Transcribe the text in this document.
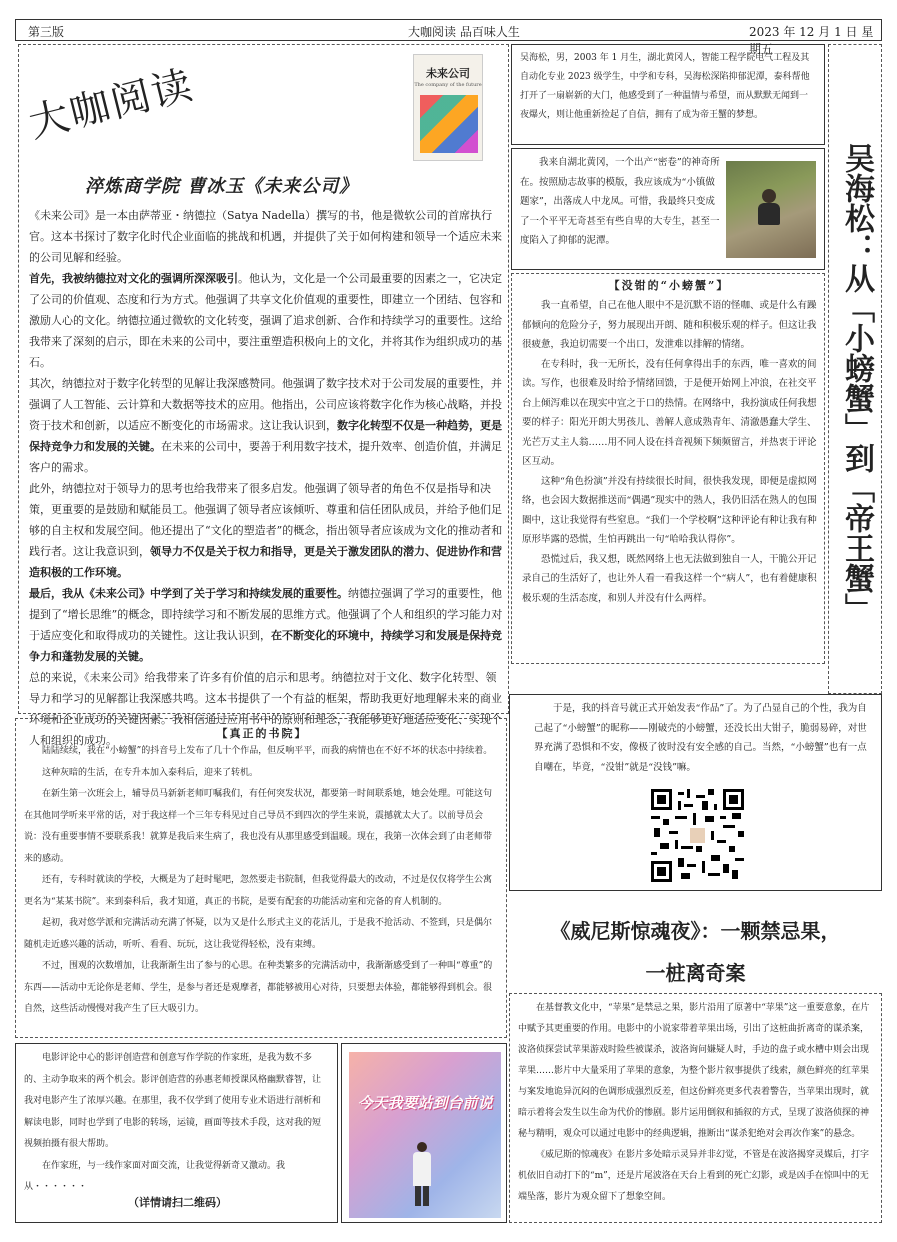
第三版	大咖阅读 品百味人生	2023 年 12 月 1 日 星期五
大咖阅读	未来公司
The company of the future
淬炼商学院 曹冰玉《未来公司》

《未来公司》是一本由萨蒂亚・纳德拉（Satya Nadella）撰写的书，他是微软公司的首席执行官。这本书探讨了数字化时代企业面临的挑战和机遇，并提供了关于如何构建和领导一个适应未来的公司见解和经验。

首先，我被纳德拉对文化的强调所深深吸引。他认为，文化是一个公司最重要的因素之一，它决定了公司的价值观、态度和行为方式。他强调了共享文化价值观的重要性，即建立一个团结、包容和激励人心的文化。纳德拉通过微软的文化转变，强调了追求创新、合作和持续学习的重要性。这给我带来了深刻的启示，即在未来的公司中，要注重塑造积极向上的文化，并将其作为组织成功的基石。

其次，纳德拉对于数字化转型的见解让我深感赞同。他强调了数字技术对于公司发展的重要性，并强调了人工智能、云计算和大数据等技术的应用。他指出，公司应该将数字化作为核心战略，并投资于技术和创新，以适应不断变化的市场需求。这让我认识到，数字化转型不仅是一种趋势，更是保持竞争力和发展的关键。在未来的公司中，要善于利用数字技术，提升效率、创造价值，并满足客户的需求。

此外，纳德拉对于领导力的思考也给我带来了很多启发。他强调了领导者的角色不仅是指导和决策，更重要的是鼓励和赋能员工。他强调了领导者应该倾听、尊重和信任团队成员，并给予他们足够的自主权和发展空间。他还提出了“文化的塑造者”的概念，指出领导者应该成为文化的推动者和践行者。这让我意识到，领导力不仅是关于权力和指导，更是关于激发团队的潜力、促进协作和营造积极的工作环境。

最后，我从《未来公司》中学到了关于学习和持续发展的重要性。纳德拉强调了学习的重要性，他提到了“增长思维”的概念，即持续学习和不断发展的思维方式。他强调了个人和组织的学习能力对于适应变化和取得成功的关键性。这让我认识到，在不断变化的环境中，持续学习和发展是保持竞争力和蓬勃发展的关键。

总的来说，《未来公司》给我带来了许多有价值的启示和思考。纳德拉对于文化、数字化转型、领导力和学习的见解都让我深感共鸣。这本书提供了一个有益的框架，帮助我更好地理解未来的商业环境和企业成功的关键因素。我相信通过应用书中的原则和理念，我能够更好地适应变化、实现个人和组织的成功。

吴海松，男，2003 年 1 月生，湖北黄冈人，智能工程学院电气工程及其自动化专业 2023 级学生，中学和专科，吴海松深陷抑郁泥潭，泰科帮他打开了一扇崭新的大门，他感受到了一种温情与希望，而从默默无闻到一夜爆火，则让他重新捡起了自信，拥有了成为帝王蟹的梦想。

吴海松
：
从
「小螃蟹」
到
「帝王蟹」

我来自湖北黄冈，一个出产“密卷”的神奇所在。按照励志故事的模版，我应该成为“小镇做题家”，出落成人中龙凤。可惜，我最终只变成了一个平平无奇甚至有些自卑的大专生，甚至一度陷入了抑郁的泥潭。

【没钳的“小螃蟹”】

我一直希望，自己在他人眼中不是沉默不语的怪咖、或是什么有躁郁倾向的危险分子，努力展现出开朗、随和积极乐观的样子。但这让我很疲惫，我迫切需要一个出口，发泄难以排解的情绪。

在专科时，我一无所长，没有任何拿得出手的东西，唯一喜欢的间读。写作，也很难及时给予情绪回馈，于是便开始网上冲浪，在社交平台上倾泻难以在现实中宣之于口的热情。在网络中，我扮演成任何我想要的样子：阳光开朗大男孩儿、善解人意成熟青年、清澈愚蠢大学生、光芒万丈主人翁……用不同人设在抖音视频下频频留言，并热衷于评论区互动。

这种“角色扮演”并没有持续很长时间，很快我发现，即便是虚拟网络，也会因大数据推送而“偶遇”现实中的熟人，我仍旧活在熟人的包围圈中，这让我觉得有些窒息。“我们一个学校啊”这种评论有种让我有种原形毕露的恐慌，生怕再跳出一句“哈哈我认得你”。

恐慌过后，我又想，既然网络上也无法做到独自一人，干脆公开记录自己的生活好了，也让外人看一看我这样一个“病人”，也有着健康积极乐观的生活态度，和别人并没有什么两样。

于是，我的抖音号就正式开始发表“作品”了。为了凸显自己的个性，我为自己起了“小螃蟹”的昵称——刚破壳的小螃蟹，还没长出大钳子，脆弱易碎，对世界充满了恐惧和不安，像极了彼时没有安全感的自己。当然，“小螃蟹”也有一点自嘲在，毕竟，“没钳”就是“没钱”嘛。

【真正的书院】

陆陆续续，我在“小螃蟹”的抖音号上发布了几十个作品，但反响平平，而我的病情也在不好不坏的状态中持续着。

这种灰暗的生活，在专升本加入泰科后，迎来了转机。

在新生第一次班会上，辅导员马新新老师叮嘱我们，有任何突发状况，都要第一时间联系她，她会处理。可能这句在其他同学听来平常的话，对于我这样一个三年专科见过自己导员不到四次的学生来说，震撼就太大了。以前导员会说：没有重要事情不要联系我！就算是我后来生病了，我也没有从那里感受到温暖。现在，我第一次体会到了由老师带来的感动。

还有，专科时就读的学校，大概是为了赶时髦吧，忽然要走书院制，但我觉得最大的改动，不过是仅仅将学生公寓更名为“某某书院”。来到泰科后，我才知道，真正的书院，是要有配套的功能活动室和完备的育人机制的。

起初，我对悠学派和完满活动充满了怀疑，以为又是什么形式主义的花活儿，于是我不抢活动、不签到，只是偶尔随机走近感兴趣的活动，听听、看看、玩玩，这让我觉得轻松，没有束缚。

不过，围观的次数增加，让我渐渐生出了参与的心思。在种类繁多的完满活动中，我渐渐感受到了一种叫“尊重”的东西——活动中无论你是老师、学生，是参与者还是观摩者，都能够被用心对待，只要想去体验，都能够得到机会。很自然，这些活动慢慢对我产生了巨大吸引力。

电影评论中心的影评创造营和创意写作学院的作家班，是我为数不多的、主动争取来的两个机会。影评创造营的孙惠老师授课风格幽默睿智，让我对电影产生了浓厚兴趣。在那里，我不仅学到了使用专业术语进行剖析和解读电影，同时也学到了电影的转场，运镜，画面等技术手段，这对我的短视频拍摄有很大帮助。

在作家班，与一线作家面对面交流，让我觉得新奇又激动。我从・・・・・・

（详情请扫二维码）
今天我要站到台前说
《威尼斯惊魂夜》：一颗禁忌果，
一桩离奇案

在基督教文化中，“苹果”是禁忌之果，影片沿用了原著中“苹果”这一重要意象，在片中赋予其更重要的作用。电影中的小说家带着苹果出场，引出了这桩曲折离奇的谋杀案，波洛侦探尝试苹果游戏时险些被谋杀，波洛询问嫌疑人时，手边的盘子或水槽中则会出现苹果……影片中大量采用了苹果的意象，为整个影片叙事提供了线索，颜色鲜亮的红苹果与案发地诡异沉闷的色调形成强烈反差，但这份鲜亮更多代表着警告，当苹果出现时，就暗示着将会发生以生命为代价的惨剧。影片运用倒叙和插叙的方式，呈现了波洛侦探的神秘与精明，观众可以通过电影中的经典逻辑，推断出“谋杀犯绝对会再次作案”的悬念。

《威尼斯的惊魂夜》在影片多处暗示灵异并非幻觉，不管是在波洛揭穿灵媒后，打字机依旧自动打下的“m”，还是片尾波洛在天台上看到的死亡幻影，或是凶手在惊叫中的无端坠落，影片为观众留下了想象空间。
